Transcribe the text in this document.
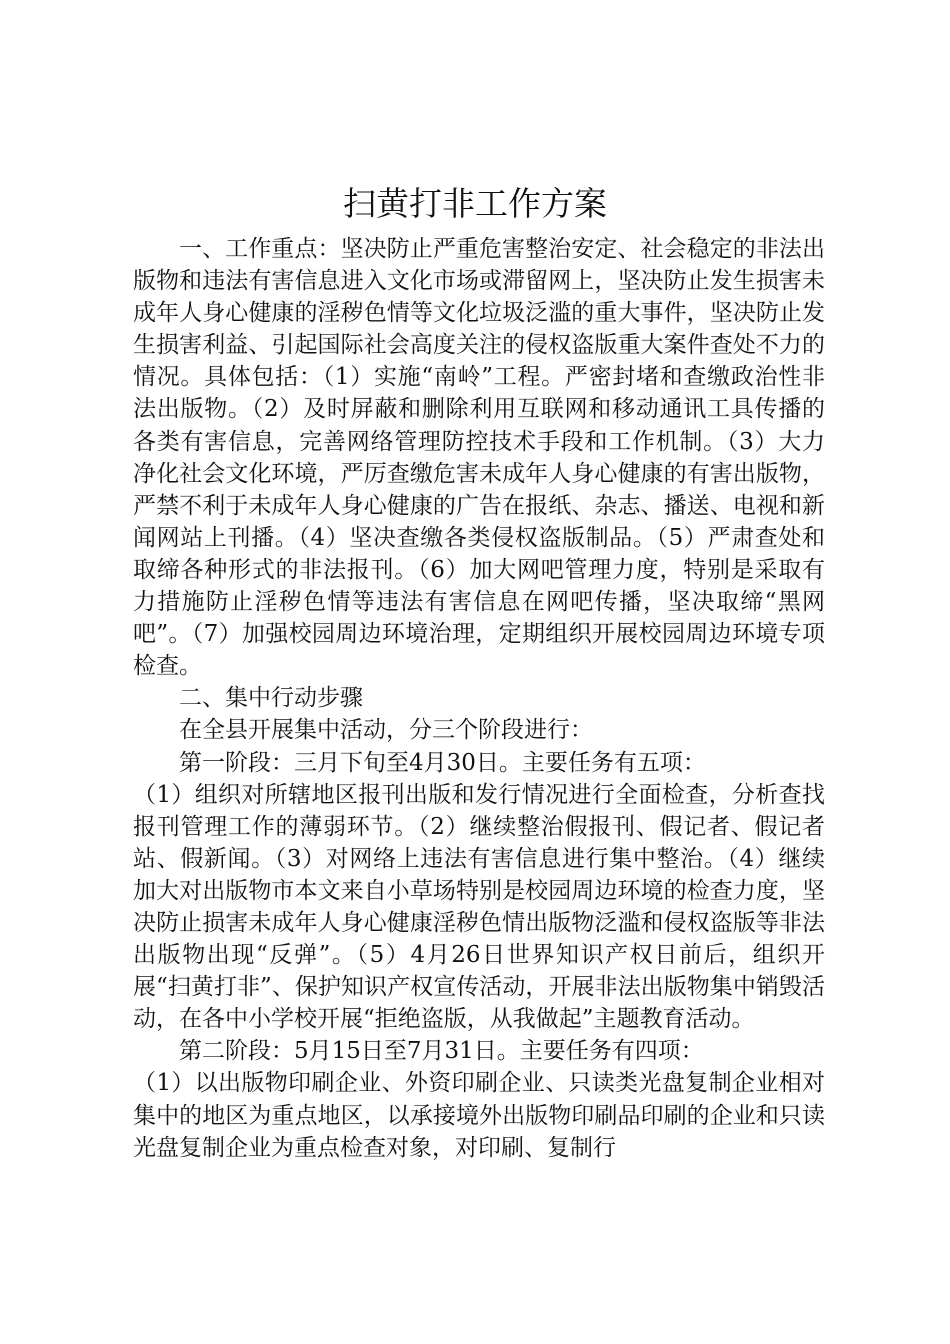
扫黄打非工作方案

一、工作重点：坚决防止严重危害整治安定、社会稳定的非法出版物和违法有害信息进入文化市场或滞留网上，坚决防止发生损害未成年人身心健康的淫秽色情等文化垃圾泛滥的重大事件，坚决防止发生损害利益、引起国际社会高度关注的侵权盗版重大案件查处不力的情况。具体包括：（1）实施“南岭”工程。严密封堵和查缴政治性非法出版物。（2）及时屏蔽和删除利用互联网和移动通讯工具传播的各类有害信息，完善网络管理防控技术手段和工作机制。（3）大力净化社会文化环境，严厉查缴危害未成年人身心健康的有害出版物，严禁不利于未成年人身心健康的广告在报纸、杂志、播送、电视和新闻网站上刊播。（4）坚决查缴各类侵权盗版制品。（5）严肃查处和取缔各种形式的非法报刊。（6）加大网吧管理力度，特别是采取有力措施防止淫秽色情等违法有害信息在网吧传播，坚决取缔“黑网吧”。（7）加强校园周边环境治理，定期组织开展校园周边环境专项检查。

二、集中行动步骤

在全县开展集中活动，分三个阶段进行：

第一阶段：三月下旬至4月30日。主要任务有五项：

（1）组织对所辖地区报刊出版和发行情况进行全面检查，分析查找报刊管理工作的薄弱环节。（2）继续整治假报刊、假记者、假记者站、假新闻。（3）对网络上违法有害信息进行集中整治。（4）继续加大对出版物市本文来自小草场特别是校园周边环境的检查力度，坚决防止损害未成年人身心健康淫秽色情出版物泛滥和侵权盗版等非法出版物出现“反弹”。（5）4月26日世界知识产权日前后，组织开展“扫黄打非”、保护知识产权宣传活动，开展非法出版物集中销毁活动，在各中小学校开展“拒绝盗版，从我做起”主题教育活动。

第二阶段：5月15日至7月31日。主要任务有四项：

（1）以出版物印刷企业、外资印刷企业、只读类光盘复制企业相对集中的地区为重点地区，以承接境外出版物印刷品印刷的企业和只读光盘复制企业为重点检查对象，对印刷、复制行
